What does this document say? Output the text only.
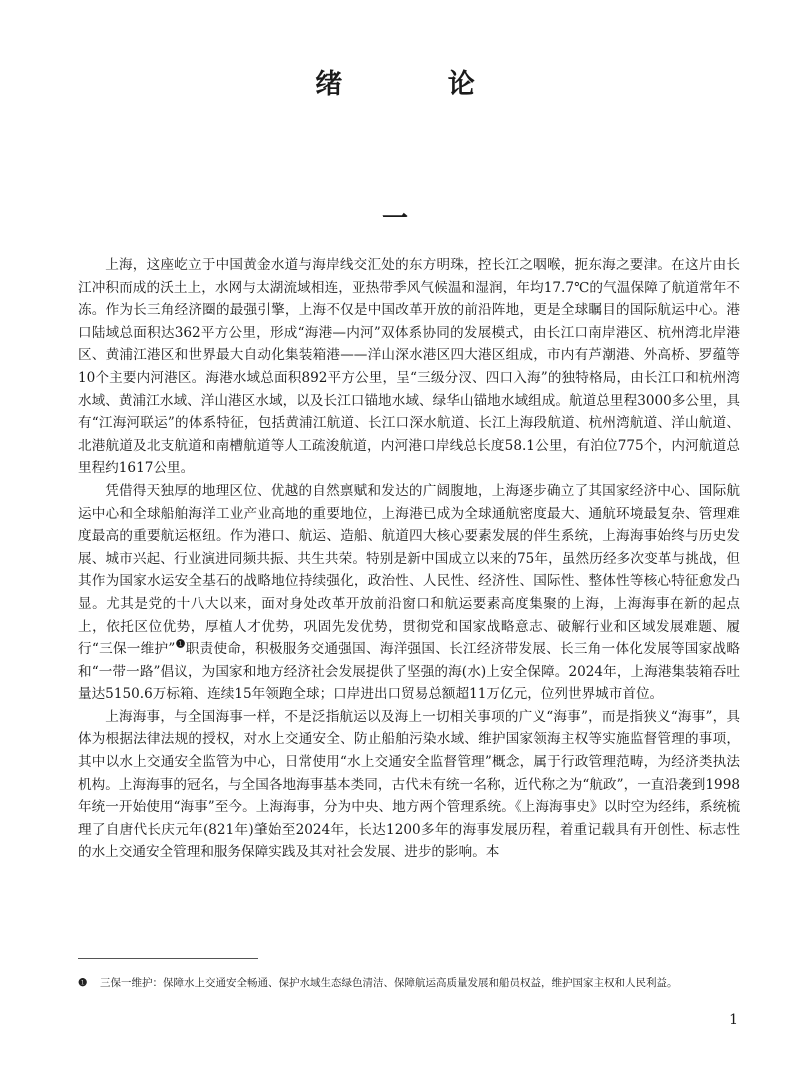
绪 论
一

上海，这座屹立于中国黄金水道与海岸线交汇处的东方明珠，控长江之咽喉，扼东海之要津。在这片由长江冲积而成的沃土上，水网与太湖流域相连，亚热带季风气候温和湿润，年均17.7℃的气温保障了航道常年不冻。作为长三角经济圈的最强引擎，上海不仅是中国改革开放的前沿阵地，更是全球瞩目的国际航运中心。港口陆域总面积达362平方公里，形成“海港—内河”双体系协同的发展模式，由长江口南岸港区、杭州湾北岸港区、黄浦江港区和世界最大自动化集装箱港——洋山深水港区四大港区组成，市内有芦潮港、外高桥、罗蕴等10个主要内河港区。海港水域总面积892平方公里，呈“三级分汊、四口入海”的独特格局，由长江口和杭州湾水域、黄浦江水域、洋山港区水域，以及长江口锚地水域、绿华山锚地水域组成。航道总里程3000多公里，具有“江海河联运”的体系特征，包括黄浦江航道、长江口深水航道、长江上海段航道、杭州湾航道、洋山航道、北港航道及北支航道和南槽航道等人工疏浚航道，内河港口岸线总长度58.1公里，有泊位775个，内河航道总里程约1617公里。

凭借得天独厚的地理区位、优越的自然禀赋和发达的广阔腹地，上海逐步确立了其国家经济中心、国际航运中心和全球船舶海洋工业产业高地的重要地位，上海港已成为全球通航密度最大、通航环境最复杂、管理难度最高的重要航运枢纽。作为港口、航运、造船、航道四大核心要素发展的伴生系统，上海海事始终与历史发展、城市兴起、行业演进同频共振、共生共荣。特别是新中国成立以来的75年，虽然历经多次变革与挑战，但其作为国家水运安全基石的战略地位持续强化，政治性、人民性、经济性、国际性、整体性等核心特征愈发凸显。尤其是党的十八大以来，面对身处改革开放前沿窗口和航运要素高度集聚的上海，上海海事在新的起点上，依托区位优势，厚植人才优势，巩固先发优势，贯彻党和国家战略意志、破解行业和区域发展难题、履行“三保一维护”$^❶$职责使命，积极服务交通强国、海洋强国、长江经济带发展、长三角一体化发展等国家战略和“一带一路”倡议，为国家和地方经济社会发展提供了坚强的海(水)上安全保障。2024年，上海港集装箱吞吐量达5150.6万标箱、连续15年领跑全球；口岸进出口贸易总额超11万亿元，位列世界城市首位。

上海海事，与全国海事一样，不是泛指航运以及海上一切相关事项的广义“海事”，而是指狭义“海事”，具体为根据法律法规的授权，对水上交通安全、防止船舶污染水域、维护国家领海主权等实施监督管理的事项，其中以水上交通安全监管为中心，日常使用“水上交通安全监督管理”概念，属于行政管理范畴，为经济类执法机构。上海海事的冠名，与全国各地海事基本类同，古代未有统一名称，近代称之为“航政”，一直沿袭到1998年统一开始使用“海事”至今。上海海事，分为中央、地方两个管理系统。《上海海事史》以时空为经纬，系统梳理了自唐代长庆元年(821年)肇始至2024年，长达1200多年的海事发展历程，着重记载具有开创性、标志性的水上交通安全管理和服务保障实践及其对社会发展、进步的影响。本

❶ 三保一维护：保障水上交通安全畅通、保护水域生态绿色清洁、保障航运高质量发展和船员权益，维护国家主权和人民利益。

1
